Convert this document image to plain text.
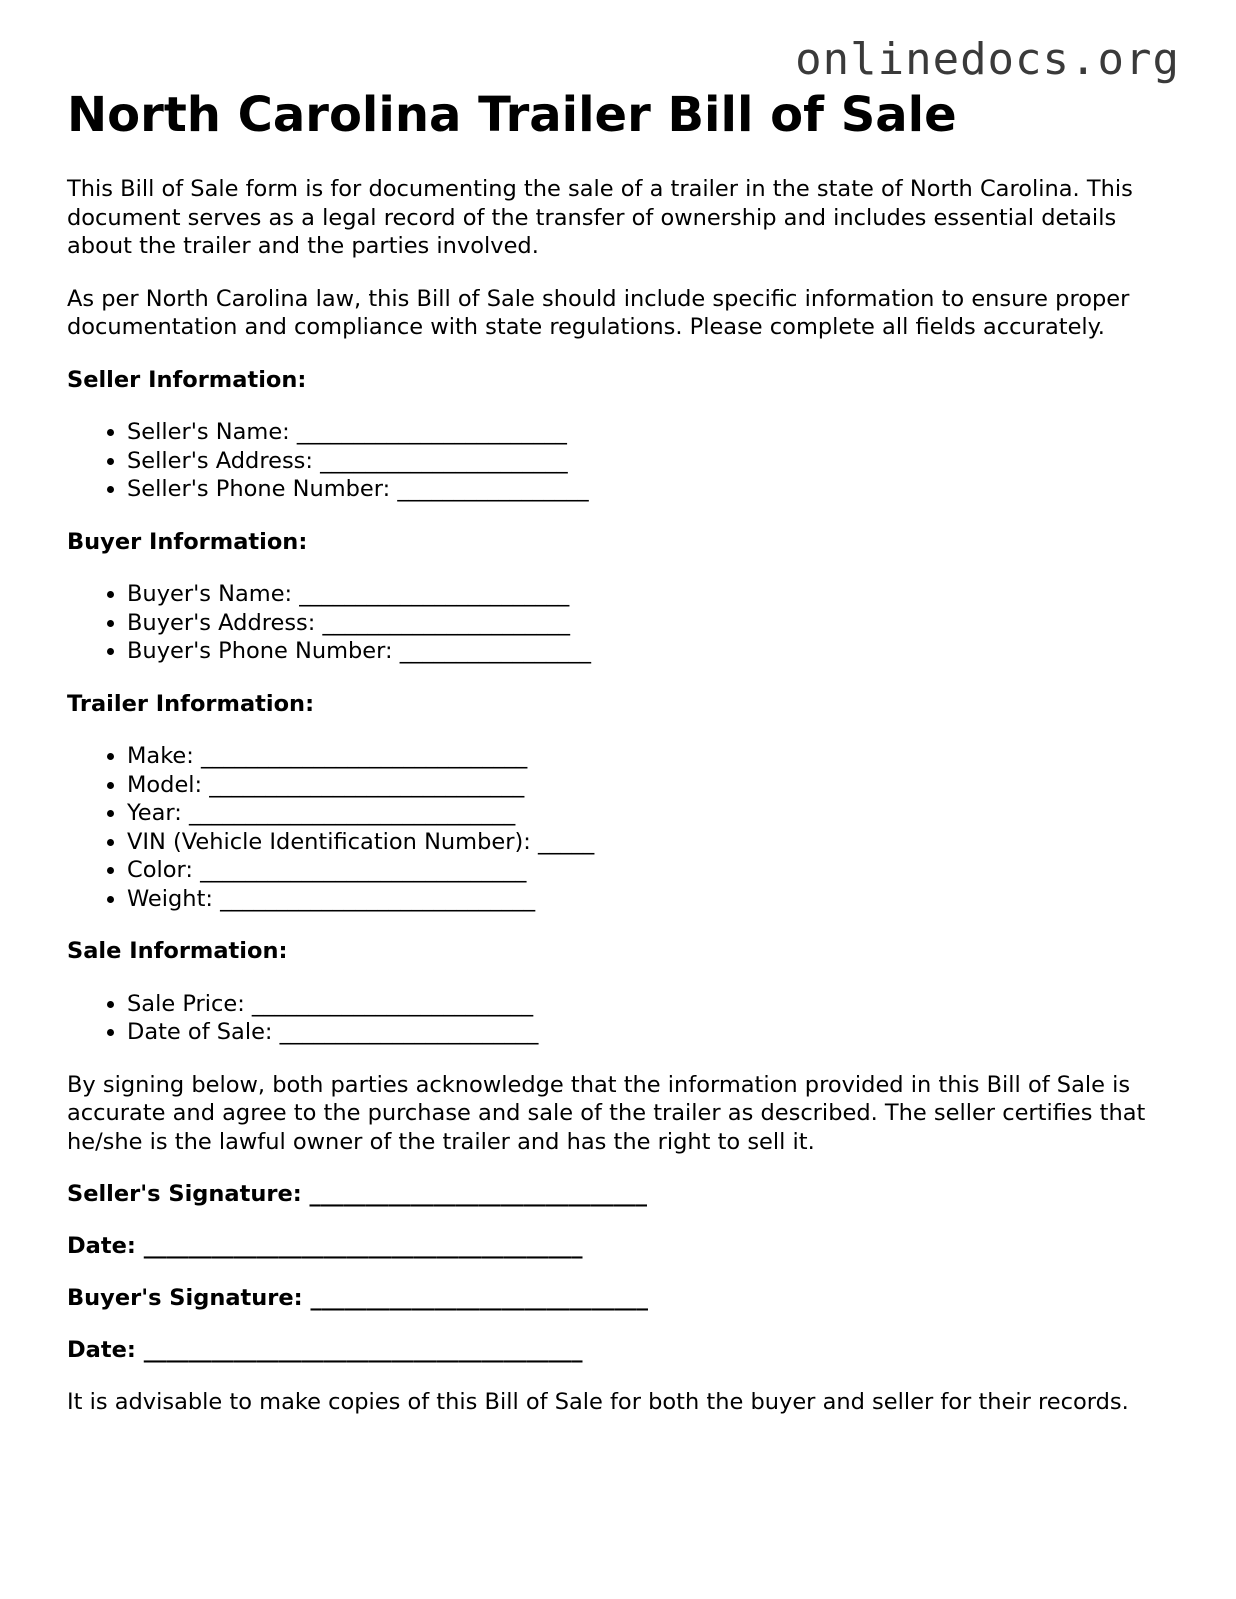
onlinedocs.org
North Carolina Trailer Bill of Sale

This Bill of Sale form is for documenting the sale of a trailer in the state of North Carolina. This document serves as a legal record of the transfer of ownership and includes essential details about the trailer and the parties involved.

As per North Carolina law, this Bill of Sale should include specific information to ensure proper documentation and compliance with state regulations. Please complete all fields accurately.

Seller Information:
• Seller's Name: ________________________
• Seller's Address: ______________________
• Seller's Phone Number: _________________
Buyer Information:
• Buyer's Name: ________________________
• Buyer's Address: ______________________
• Buyer's Phone Number: _________________
Trailer Information:
• Make: _____________________________
• Model: ____________________________
• Year: _____________________________
• VIN (Vehicle Identification Number): _____
• Color: _____________________________
• Weight: ____________________________
Sale Information:
• Sale Price: _________________________
• Date of Sale: _______________________

By signing below, both parties acknowledge that the information provided in this Bill of Sale is accurate and agree to the purchase and sale of the trailer as described. The seller certifies that he/she is the lawful owner of the trailer and has the right to sell it.

Seller's Signature: ______________________________
Date: _______________________________________
Buyer's Signature: ______________________________
Date: _______________________________________

It is advisable to make copies of this Bill of Sale for both the buyer and seller for their records.
